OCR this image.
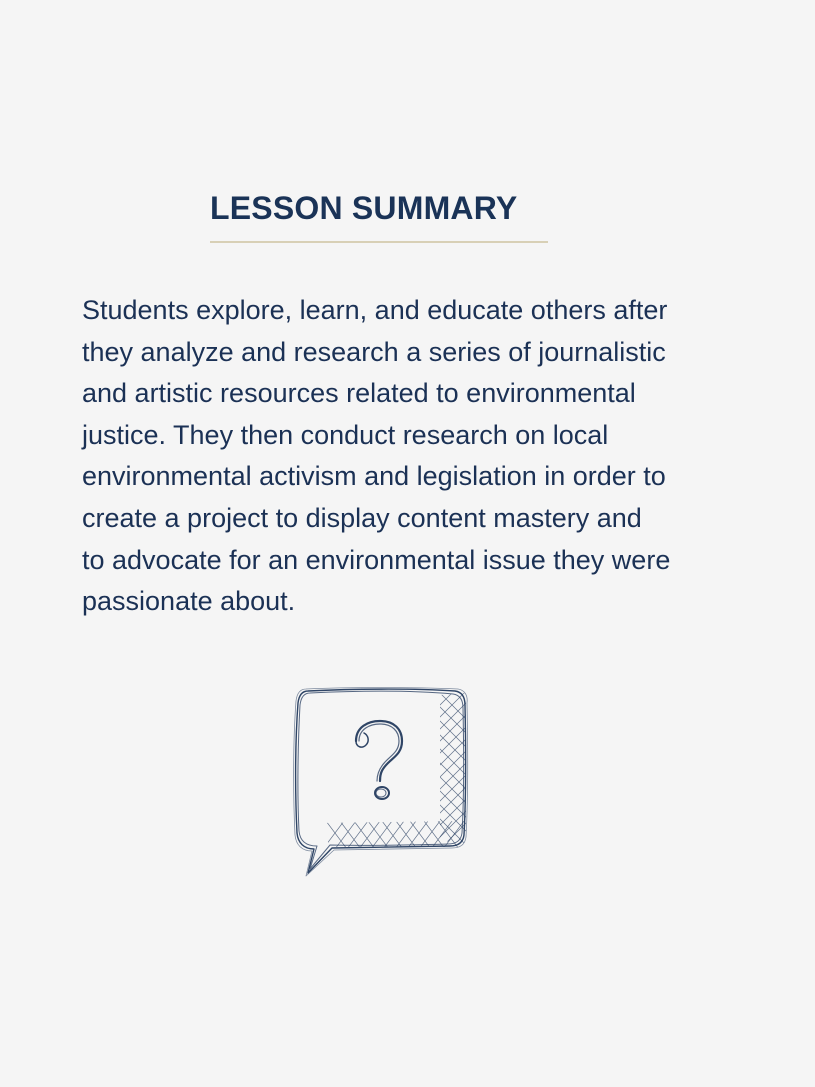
LESSON SUMMARY

Students explore, learn, and educate others after
they analyze and research a series of journalistic
and artistic resources related to environmental
justice. They then conduct research on local
environmental activism and legislation in order to
create a project to display content mastery and
to advocate for an environmental issue they were
passionate about.
